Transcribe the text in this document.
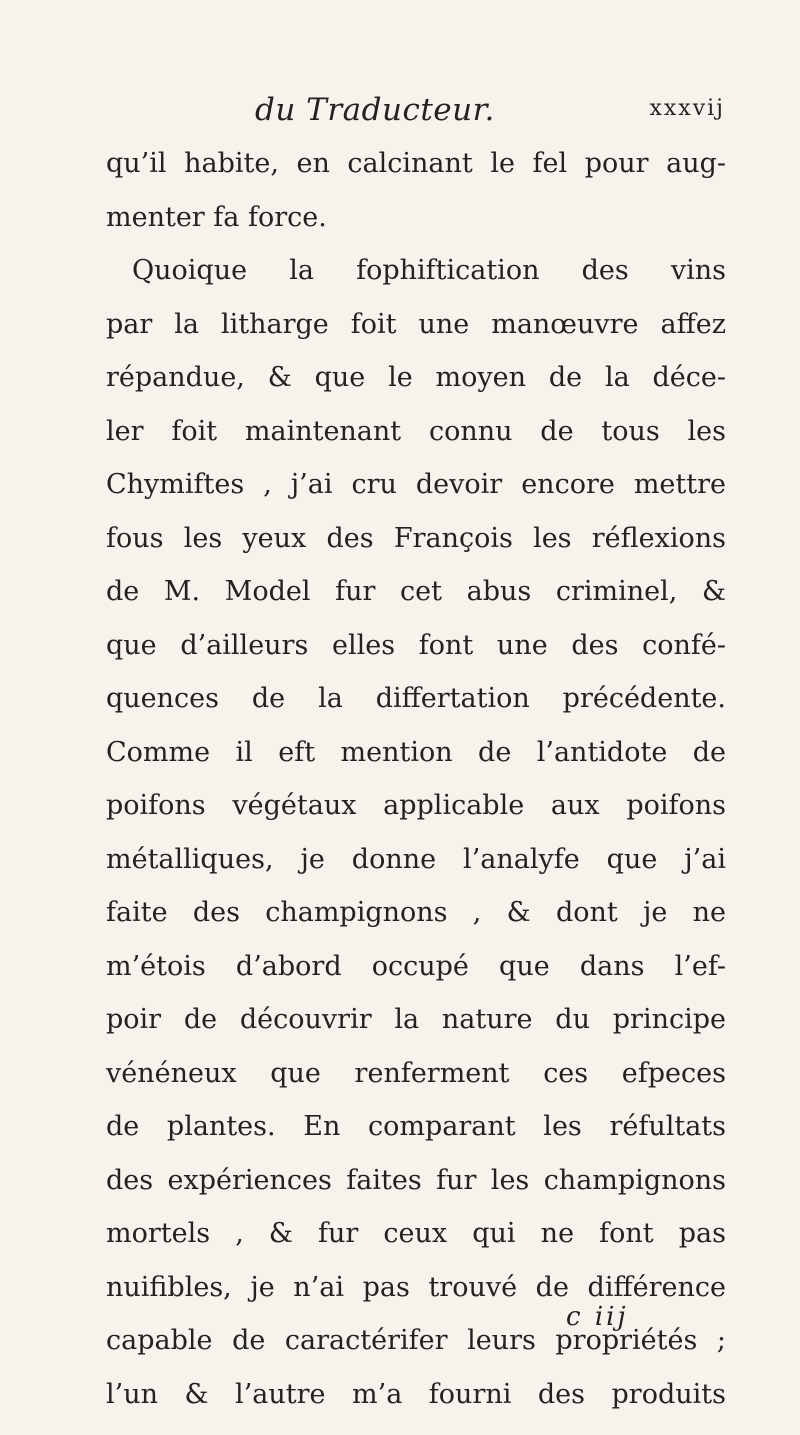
du Traducteur.	xxxvij
qu’il habite, en calcinant le fel pour aug-
menter fa force.
Quoique la fophiftication des vins
par la litharge foit une manœuvre affez
répandue, & que le moyen de la déce-
ler foit maintenant connu de tous les
Chymiftes , j’ai cru devoir encore mettre
fous les yeux des François les réflexions
de M. Model fur cet abus criminel, &
que d’ailleurs elles font une des confé-
quences de la differtation précédente.
Comme il eft mention de l’antidote de
poifons végétaux applicable aux poifons
métalliques, je donne l’analyfe que j’ai
faite des champignons , & dont je ne
m’étois d’abord occupé que dans l’ef-
poir de découvrir la nature du principe
vénéneux que renferment ces efpeces
de plantes. En comparant les réfultats
des expériences faites fur les champignons
mortels , & fur ceux qui ne font pas
nuifibles, je n’ai pas trouvé de différence
capable de caractérifer leurs propriétés ;
l’un & l’autre m’a fourni des produits
c iij
